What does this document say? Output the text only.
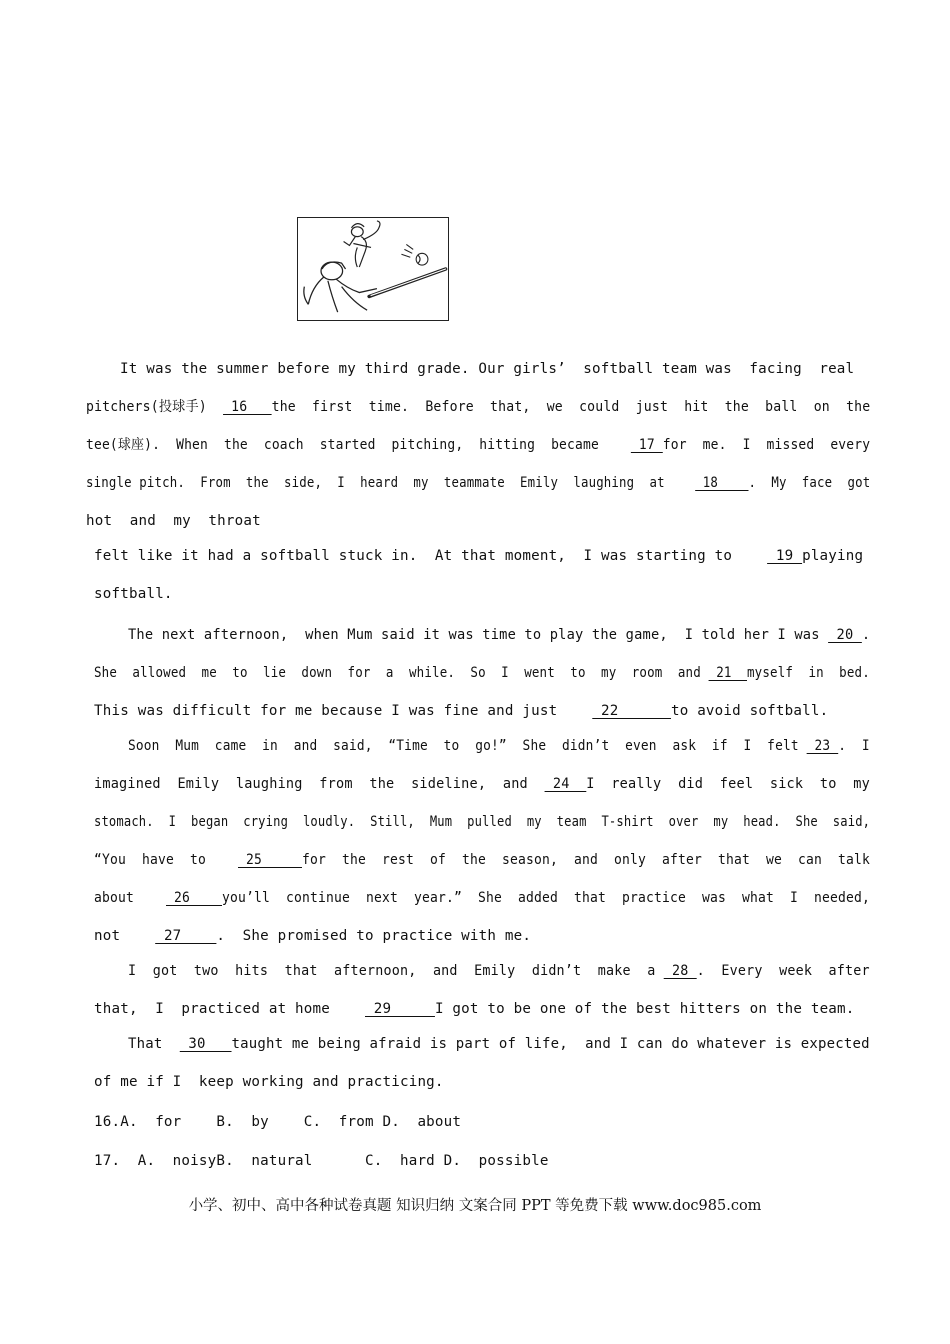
It was the summer before my third grade. Our girls’  softball team was  facing  real
pitchers(投球手)   16   the  first  time.  Before  that,  we  could  just  hit  the  ball  on  the
tee(球座).  When  the  coach  started  pitching,  hitting  became     17 for  me.  I  missed  every
single pitch.  From  the  side,  I  heard  my  teammate  Emily  laughing  at     18    .  My  face  got
hot  and  my  throat
felt like it had a softball stuck in.  At that moment,  I was starting to     19 playing
softball.
The next afternoon,  when Mum said it was time to play the game,  I told her I was  20 .
She  allowed  me  to  lie  down  for  a  while.  So  I  went  to  my  room  and  21  myself  in  bed.
This was difficult for me because I was fine and just     22      to avoid softball.
Soon  Mum  came  in  and  said,  “Time  to  go!”  She  didn’t  even  ask  if  I  felt  23 .  I
imagined  Emily  laughing  from  the  sideline,  and   24  I  really  did  feel  sick  to  my
stomach.  I  began  crying  loudly.  Still,  Mum  pulled  my  team  T-shirt  over  my  head.  She  said,
“You  have  to     25     for  the  rest  of  the  season,  and  only  after  that  we  can  talk
about     26    you’ll  continue  next  year.”  She  added  that  practice  was  what  I  needed,
not     27    .  She promised to practice with me.
I  got  two  hits  that  afternoon,  and  Emily  didn’t  make  a  28 .  Every  week  after
that,  I  practiced at home     29     I got to be one of the best hitters on the team.
That   30   taught me being afraid is part of life,  and I can do whatever is expected
of me if I  keep working and practicing.
16.A.  for    B.  by    C.  from D.  about
17.  A.  noisyB.  natural      C.  hard D.  possible
小学、初中、高中各种试卷真题 知识归纳 文案合同 PPT 等免费下载 www.doc985.com
